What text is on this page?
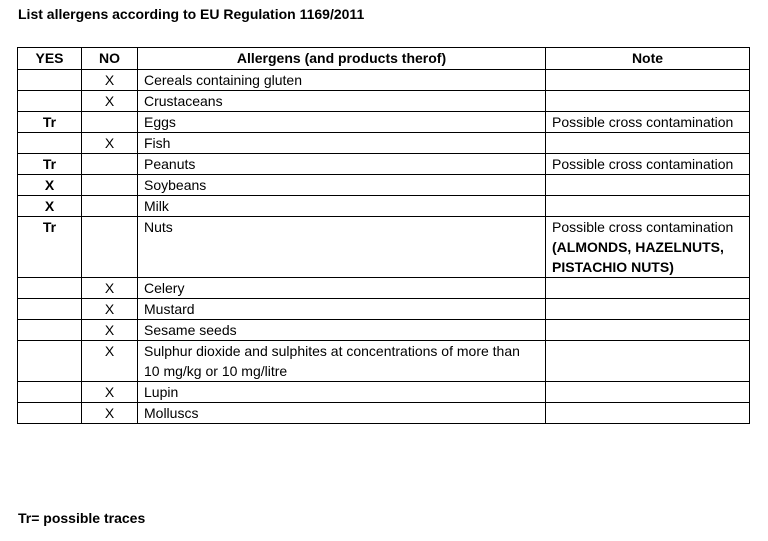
List allergens according to EU Regulation 1169/2011
YES	NO	Allergens (and products therof)	Note
	X	Cereals containing gluten	
	X	Crustaceans	
Tr		Eggs	Possible cross contamination
	X	Fish	
Tr		Peanuts	Possible cross contamination
X		Soybeans	
X		Milk	
Tr		Nuts	Possible cross contamination
(ALMONDS, HAZELNUTS, PISTACHIO NUTS)
	X	Celery	
	X	Mustard	
	X	Sesame seeds	
	X	Sulphur dioxide and sulphites at concentrations of more than 10 mg/kg or 10 mg/litre	
	X	Lupin	
	X	Molluscs	
Tr= possible traces
